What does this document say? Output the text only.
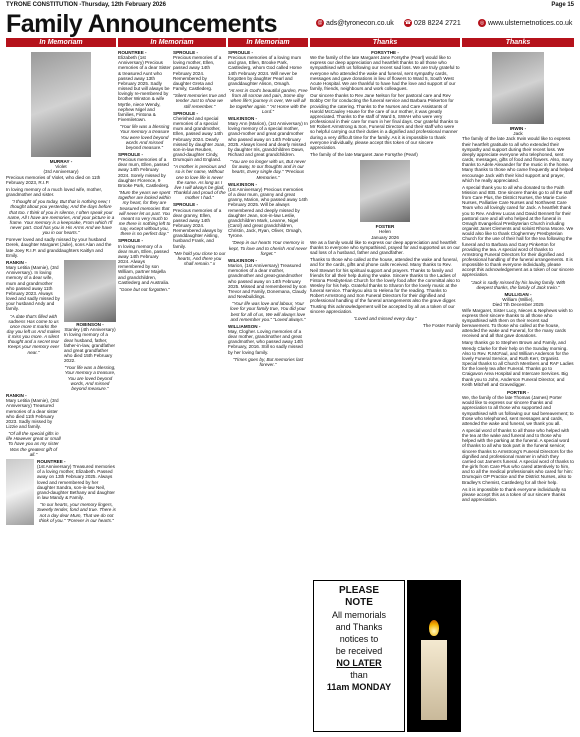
TYRONE CONSTITUTION -Thursday, 12th February 2026	Page 15
Family Announcements	@ ads@tyronecon.co.uk ☎ 028 8224 2721	◎ www.ulsternetnotices.co.uk
In Memoriam	In Memoriam	In Memoriam	Thanks	Thanks
MURRAY -
Violet
(3rd Anniversary)

Precious memories of Violet, who died on 11th February 2023, R.I.P.

In loving memory of a much loved wife, mother, grandmother and sister.

"I thought of you today, But that is nothing new; I thought about you yesterday, And the days before that too. I think of you in silence, I often speak your name, All I have are memories, And your picture in a frame. Your memory is a keepsake, From which I'll never part. God has you in His Arms And we have you in our hearts."

Forever loved and sadly missed by your husband Derek, daughter Margaret (Julie), sons Alan and the late Joey R.I.P. and granddaughters Kaitlyn and Emily.

RANKIN -

Mary Letitia (Mamie), (3rd Anniversary). In loving memory of a dear wife, mum and grandmother who passed away 11th February 2023. Always loved and sadly missed by your husband Andy and family.

"A date that's filled with sadness Has come to us once more It marks the day you left us And makes it miss you more. A silent thought and a secret tear Keeps your memory ever near."

ROBINSON -
Stanley (4th Anniversary)

In loving memory of a dear husband, father, father-in-law, grandfather and great grandfather who died 15th February 2022.

"Your life was a blessing, Your memory a treasure, You are loved beyond words, And missed beyond measure."

RANKIN -

Mary Letitia (Mamie), (3rd Anniversary) Treasured memories of a dear sister who died 11th February 2023. Sadly missed by Lizzie and family.

"Of all the special gifts in life However great or small To have you as my sister Was the greatest gift of all."

ROUNTREE -

(1st Anniversary) Treasured memories of a loving mother, Elizabeth. Passed away on 13th February 2025. Always loved and remembered by her daughter Sandra, son-in-law Neil, grand-daughter Bethany and daughter in law Mandy & Family.

"In our hearts, your memory lingers, Sweetly tender, fond and true. There is not a day dear Mum, That we do not think of you." "Forever in our hearts."

ROUNTREE -

Elizabeth (1st Anniversary) Precious memories of a dear Sister & treasured Aunt who passed away 13th February 2025. Sadly missed but will always be lovingly re-membered by brother Winston & wife Myrtle, niece Wendy, nephew Nigel and families, Fintona & Fivemiletown.

"Your life was a blessing Your memory a treasure You were loved beyond words And missed beyond measure."

SPROULE -

Precious memories of a dear mum, Ellen, passed away 14th February 2024. Sorely missed by daughter Florence, 9 Brooke Park, Castlederg.

"Mum the years we spent together are locked within my heart, for they are treasured memories that will never let us part. You meant so very much to me there is nothing left to say, except without you, there is no perfect day."

SPROULE -

In loving memory of a dear mum, Ellen, passed away 14th February 2024. Always remembered by son William, partner Majella and grandchildren, Castlederg and Australia.

"Gone but not forgotten."

SPROULE -

Precious memories of a loving mother, Ellen, passed away 14th February 2024. Remembered by daughter Greta and Family, Castlederg.

"Silent memories true and tender Just to show we still remember."

SPROULE -

Cherished and special memories of a special mum and grandmother, Ellen, passed away 14th February 2024. Dearly missed by daughter Joan, son-in-law Reuben, grand-daughter Cindy, Drumquin and England.

"A mother is precious and so is her name, Without one to love life is never the same. As long as I live I will always be glad, Thankful and proud of the mother I had."

SPROULE -

Precious memories of a dear granny, Ellen, passed away 14th February 2024. Remembered always by granddaughter Aisling, husband Frank, and family.

"We hold you close to our hearts, And there you shall remain." x

SPROULE -

Precious memories of a loving mum and gran, Ellen, Brooke Park, Castlederg, whom God called Home 14th February 2024. Will never be forgotten by daughter Pearl and granddaughter Alison, Omagh.

"At rest in God's beautiful garden, Free from all sorrow and pain, Some day when life's journey is over, We will all be together again." "At Home with the Lord."

WILKINSON -

Mary Ann (Marion), (1st Anniversary) In loving memory of a special mother, grand-mother and great grandmother who passed away on 14th February 2025. Always loved and dearly missed by daughter Iris, grandchildren Dawn, Richard and great grandchildren.

"You are no longer with us, But never far away, In our thoughts and in our hearts, Every single day." "Precious Memories."

WILKINSON -

(1st Anniversary) Precious memories of a dear mum, granny and great granny, Marion, who passed away 14th February 2025. Will be always remembered and deeply missed by daughter Jean, son-in-law Leslie, grandchildren Mark, Leanne, Nigel (Carol) and great grandchildren, Christin, Jack, Ryan, Oliver, Omagh, Tyrone.

"Deep in our hearts Your memory is kept, To love and to cherish And never forget."

WILKINSON -

Marion, (1st Anniversary) Treasured memories of a dear mother, grandmother and great-grandmother who passed away on 14th February 2025. Missed and remembered by son Trevor and Family, Donemana, Claudy and Newbuildings.

"Your life was love and labour, Your love for your family true, You did your best for all of us, We will always love and remember you." "Loved always."

WILLIAMSON -

May, Clogher. Loving memories of a dear mother, grandmother and great grandmother, who passed away 14th February, 2016. Still so sadly missed by her loving family.

"Times goes by, But memories last forever."

FORSYTHE -

We the family of the late Margaret Jane Forsythe (Pearl) would like to express our deep appreciation and heartfelt thanks to all those who sympathised with us following our recent sad loss. We are truly grateful to everyone who attended the wake and funeral, sent sympathy cards, messages and gave donations in lieu of flowers to Ward 5, South West Acute Hospital. We are thankful to have had the love and support of our family, friends, neighbours and work colleagues.

Our sincere thanks to Rev Jane Nelson for her pastoral care and Rev Bobby Orr for conducting the funeral service and Barbara Pinkerton for providing the catering. Thanks to the Nurses and Care Assistants of Harold McCauley House for the care of our mother, it was greatly appreciated. Thanks to the staff of Ward 5, SWAH who were very professional in their care for mum in her final days. Our grateful thanks to Mr Robert Armstrong & Son, Funeral Directors and their staff who were so helpful carrying out their duties in a dignified and professional manner during a very difficult time for the family. As it is impossible to thank everyone individually, please accept this token of our sincere appreciation.

The family of the late Margaret Jane Forsythe (Pearl)

FOSTER
Helen
January 2026

We as a family would like to express our deep appreciation and heartfelt thanks to everyone who sympathised, prayed for and supported us on our sad loss of a husband, father and grandfather.

Thanks to those who called at the house, attended the wake and funeral, and for the cards, gifts and phone calls received. Many thanks to Rev. Neil Stewart for his spiritual support and prayers. Thanks to family and friends for all their help during the wake. Sincere thanks to the Ladies of Fintona Presbyterian Church for the lovely food after the committal also to Wesley for his help. Grateful thanks to Sharon for the lovely music at the funeral service. Thankyou also to Helena for the reading. Thanks to Robert Armstrong and Son Funeral Directors for their dignified and professional handling of the funeral arrangements also the grave digger. Trusting this acknowledgement will be accepted by all as a token of our sincere appreciation.

"Loved and missed every day."

The Foster Family
PLEASE
NOTE
All memorials
and Thanks
notices to
be received
NO LATER
than
11am MONDAY
IRWIN -
Jack

The family of the late Jack Irwin would like to express their heartfelt gratitude to all who extended their sympathy and support during their recent loss. We deeply appreciate everyone who telephoned, sent cards, messages, gifts of food and flowers. Also, many thanks to Adele Alexander for the music in the home. Many thanks to those who came frequently and helped encourage Jack with their kind support and prayer, which he really appreciated.

A special thank you to all who donated to the Faith Mission and IEB. One sincere thanks go to all the staff from Care Plus, the District Nurses, the Marie Curie Nurses, Palliative Care Nurses and Northwest Care Team who all lovingly cared for Jack. A heartfelt thank you to Rev. Andrew Lucas and David Bennett for their pastoral care and all who helped at the funeral in Omagh Evangelical Presbyterian Church including organist Janet Clements and soloist Rhona Moore. We would also like to thank Cloghermey Presbyterian Church for the use of their hall for the tea following the funeral and to Barbara and Gary Pinkerton for providing the tea. A special word of thanks to Armstrong Funeral Directors for their dignified and professional handling of the funeral arrangements. It is impossible to thank everyone individually, please accept this acknowledgement as a token of our sincere appreciation.

"Jack is sadly missed by his loving family. With deepest thanks, the family of Jack Irwin."

MULLIGAN -
William (Willie),
Died 7th December 2025

Wife Margaret, Sister Lucy, Nieces & Nephews wish to express their sincere thanks to all those who sympathised with them on their recent sad bereavement. To those who called at the house, attended the wake and Funeral, for the many cards received and all that gave donations.

Many thanks go to Stephen Brown and Family, and Wendy Clarke for their help on the Sunday morning. Also to Rev. R.McFaul, and William Anderson for the lovely Funeral Service, and Ruth Kerr, Organist. Special thanks to all Church Members and RAF Ladies for the lovely tea after Funeral. Thanks go to Craigavon Area Hospital and Intercare Services. Big thank you to John, Anderson Funeral Director, and Keith Mitchell and Gravedigger.

PORTER -

We, the family of the late Thomas (James) Porter would like to express our sincere thanks and appreciation to all those who supported and sympathised with us following our sad bereavement; to those who telephoned, sent messages and cards, attended the wake and funeral, we thank you all.

A special word of thanks to all those who helped with the tea at the wake and funeral and to those who helped with the parking at the funeral. A special word of thanks to all who took part in the funeral service; sincere thanks to Armstrong's Funeral Directors for the dignified and professional manner in which they carried out James's funeral. A special word of thanks to the girls from Care Plus who cared attentively to him, and to all the medical professionals who cared for him: Drumquin GP Practice and the District Nurses, also to Bradley's Chemist, Castlederg for all their help.

As it is impossible to thank everyone individually so please accept this as a token of our sincere thanks and appreciation.
